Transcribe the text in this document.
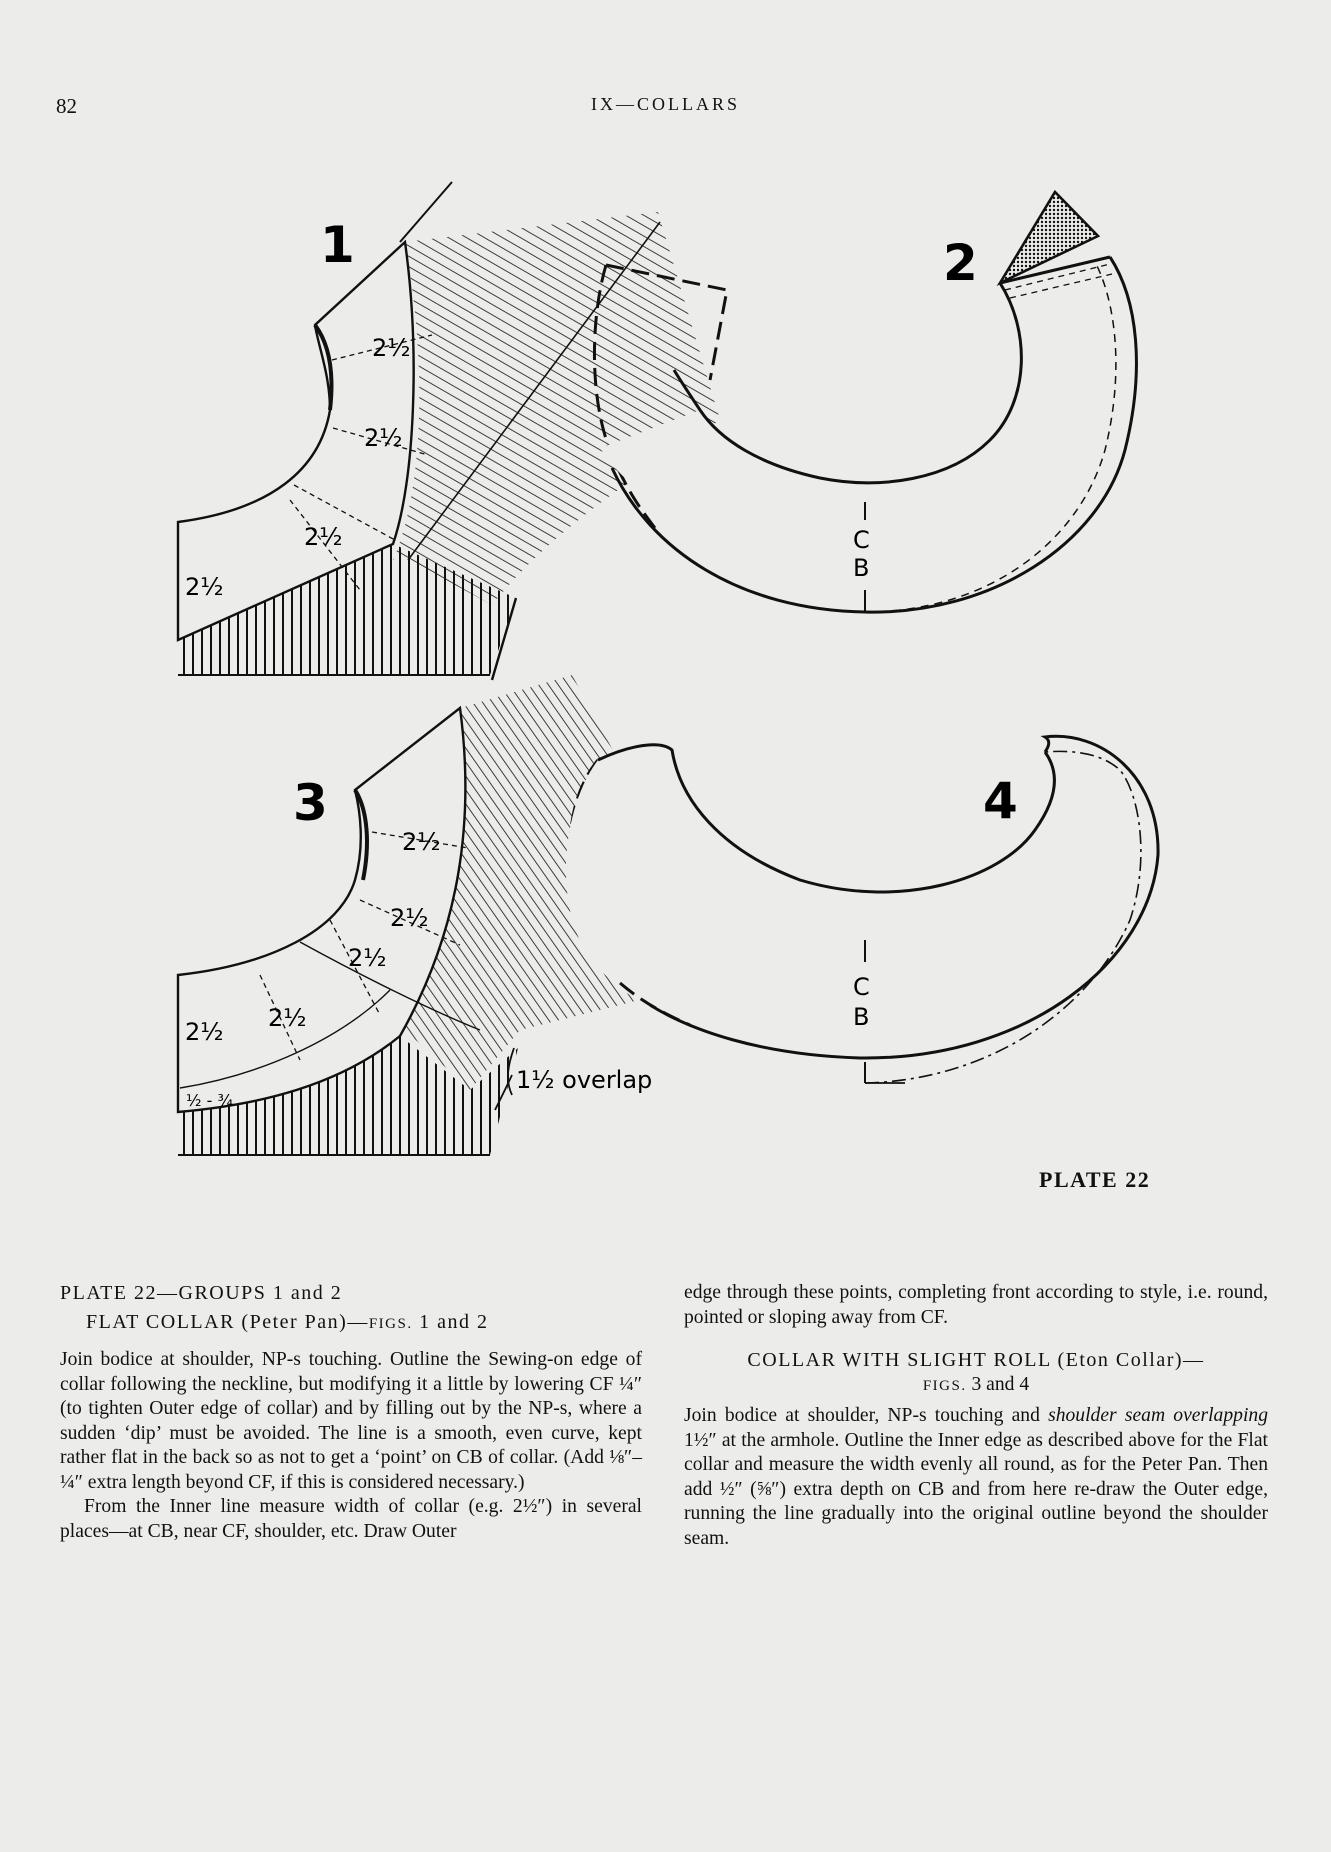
82	IX—COLLARS
1
2½
2½
2½
2½
2
C
B
3
2½
2½
2½
2½
2½
½ - ¾
1½ overlap
4
C
B
PLATE 22
PLATE 22—GROUPS 1 and 2
FLAT COLLAR (Peter Pan)—FIGS. 1 and 2

Join bodice at shoulder, NP-s touching. Outline the Sewing-on edge of collar following the neckline, but modifying it a little by lowering CF ¼″ (to tighten Outer edge of collar) and by filling out by the NP-s, where a sudden ‘dip’ must be avoided. The line is a smooth, even curve, kept rather flat in the back so as not to get a ‘point’ on CB of collar. (Add ⅛″–¼″ extra length beyond CF, if this is considered necessary.)

From the Inner line measure width of collar (e.g. 2½″) in several places—at CB, near CF, shoulder, etc. Draw Outer

edge through these points, completing front according to style, i.e. round, pointed or sloping away from CF.

COLLAR WITH SLIGHT ROLL (Eton Collar)—
FIGS. 3 and 4

Join bodice at shoulder, NP-s touching and shoulder seam overlapping 1½″ at the armhole. Outline the Inner edge as described above for the Flat collar and measure the width evenly all round, as for the Peter Pan. Then add ½″ (⅝″) extra depth on CB and from here re-draw the Outer edge, running the line gradually into the original outline beyond the shoulder seam.
